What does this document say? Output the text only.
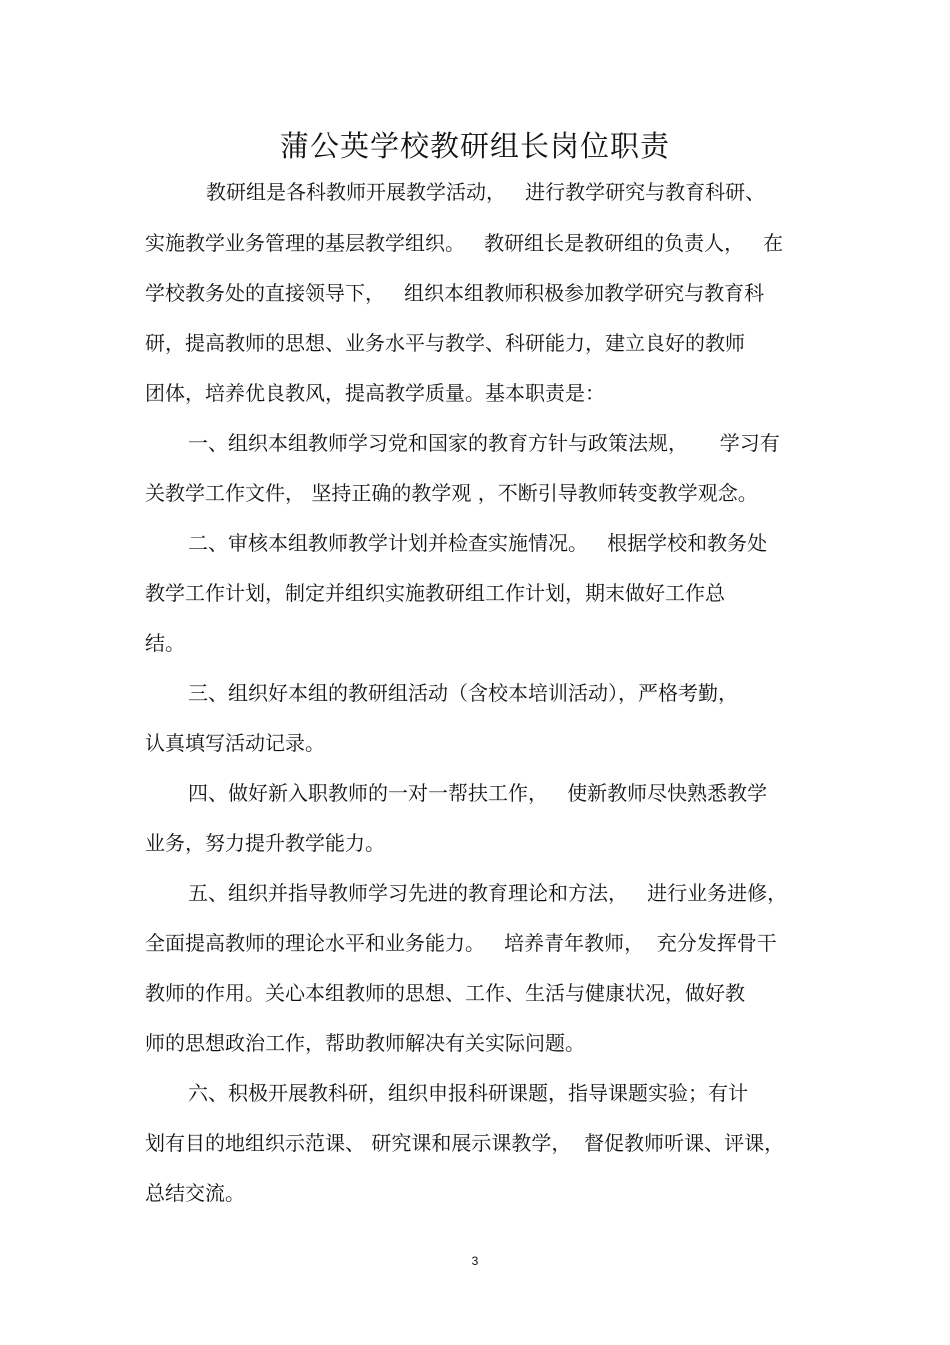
蒲公英学校教研组长岗位职责
教研组是各科教师开展教学活动，   进行教学研究与教育科研、
实施教学业务管理的基层教学组织。   教研组长是教研组的负责人，   在
学校教务处的直接领导下，   组织本组教师积极参加教学研究与教育科
研，提高教师的思想、业务水平与教学、科研能力，建立良好的教师
团体，培养优良教风，提高教学质量。基本职责是：
一、组织本组教师学习党和国家的教育方针与政策法规，     学习有
关教学工作文件， 坚持正确的教学观 ，不断引导教师转变教学观念。
二、审核本组教师教学计划并检查实施情况。   根据学校和教务处
教学工作计划，制定并组织实施教研组工作计划，期末做好工作总
结。
三、组织好本组的教研组活动（含校本培训活动），严格考勤，
认真填写活动记录。
四、做好新入职教师的一对一帮扶工作，   使新教师尽快熟悉教学
业务，努力提升教学能力。
五、组织并指导教师学习先进的教育理论和方法，   进行业务进修，
全面提高教师的理论水平和业务能力。   培养青年教师，  充分发挥骨干
教师的作用。关心本组教师的思想、工作、生活与健康状况，做好教
师的思想政治工作，帮助教师解决有关实际问题。
六、积极开展教科研，组织申报科研课题，指导课题实验；有计
划有目的地组织示范课、 研究课和展示课教学，  督促教师听课、评课，
总结交流。
3
